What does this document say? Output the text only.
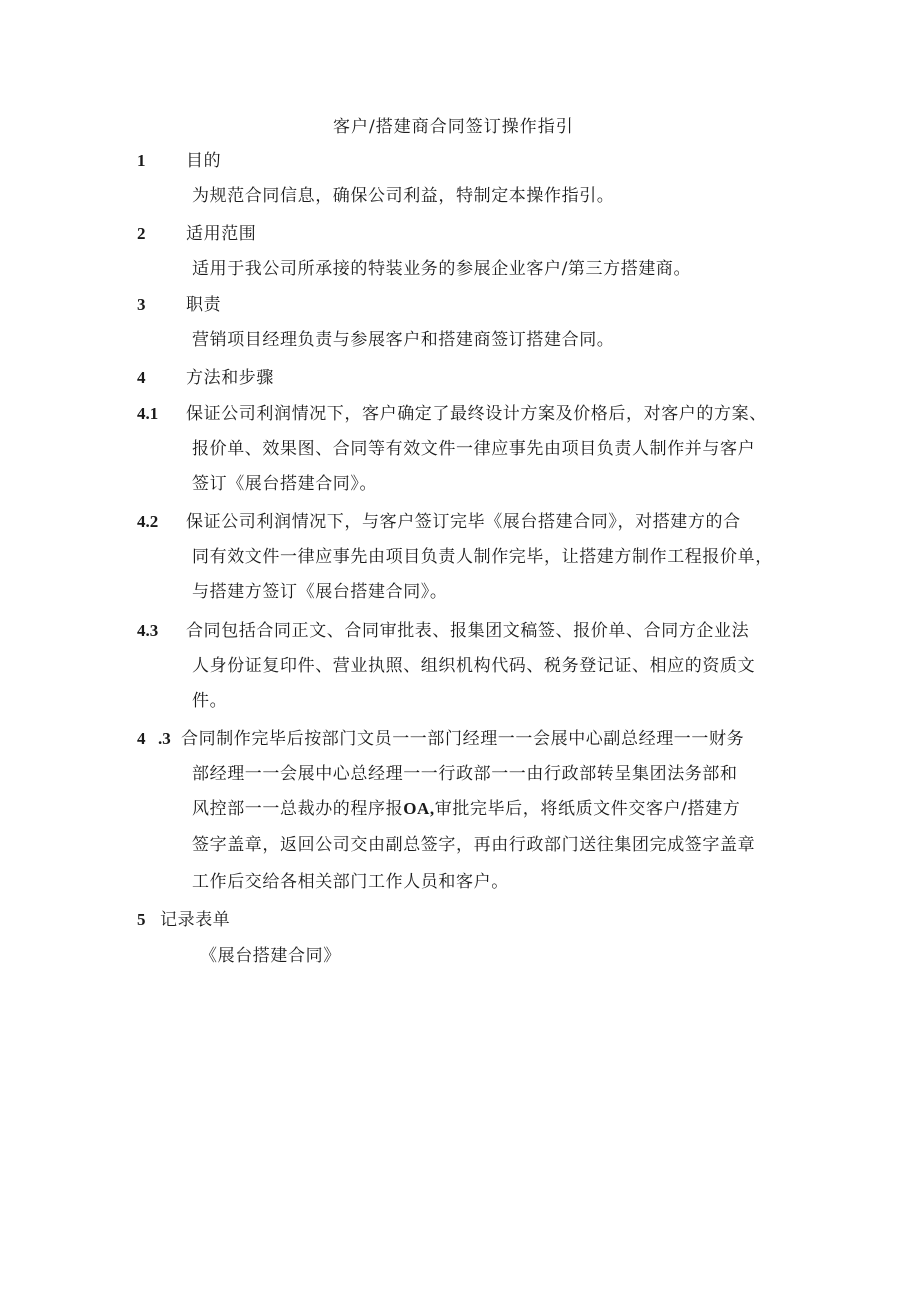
客户/搭建商合同签订操作指引
1 目的
为规范合同信息，确保公司利益，特制定本操作指引。
2 适用范围
适用于我公司所承接的特装业务的参展企业客户/第三方搭建商。
3 职责
营销项目经理负责与参展客户和搭建商签订搭建合同。
4 方法和步骤
4.1 保证公司利润情况下，客户确定了最终设计方案及价格后，对客户的方案、
报价单、效果图、合同等有效文件一律应事先由项目负责人制作并与客户
签订《展台搭建合同》。
4.2 保证公司利润情况下，与客户签订完毕《展台搭建合同》，对搭建方的合
同有效文件一律应事先由项目负责人制作完毕，让搭建方制作工程报价单，
与搭建方签订《展台搭建合同》。
4.3 合同包括合同正文、合同审批表、报集团文稿签、报价单、合同方企业法
人身份证复印件、营业执照、组织机构代码、税务登记证、相应的资质文
件。
4 .3 合同制作完毕后按部门文员一一部门经理一一会展中心副总经理一一财务
部经理一一会展中心总经理一一行政部一一由行政部转呈集团法务部和
风控部一一总裁办的程序报OA,审批完毕后，将纸质文件交客户/搭建方
签字盖章，返回公司交由副总签字，再由行政部门送往集团完成签字盖章
工作后交给各相关部门工作人员和客户。
5 记录表单
《展台搭建合同》
